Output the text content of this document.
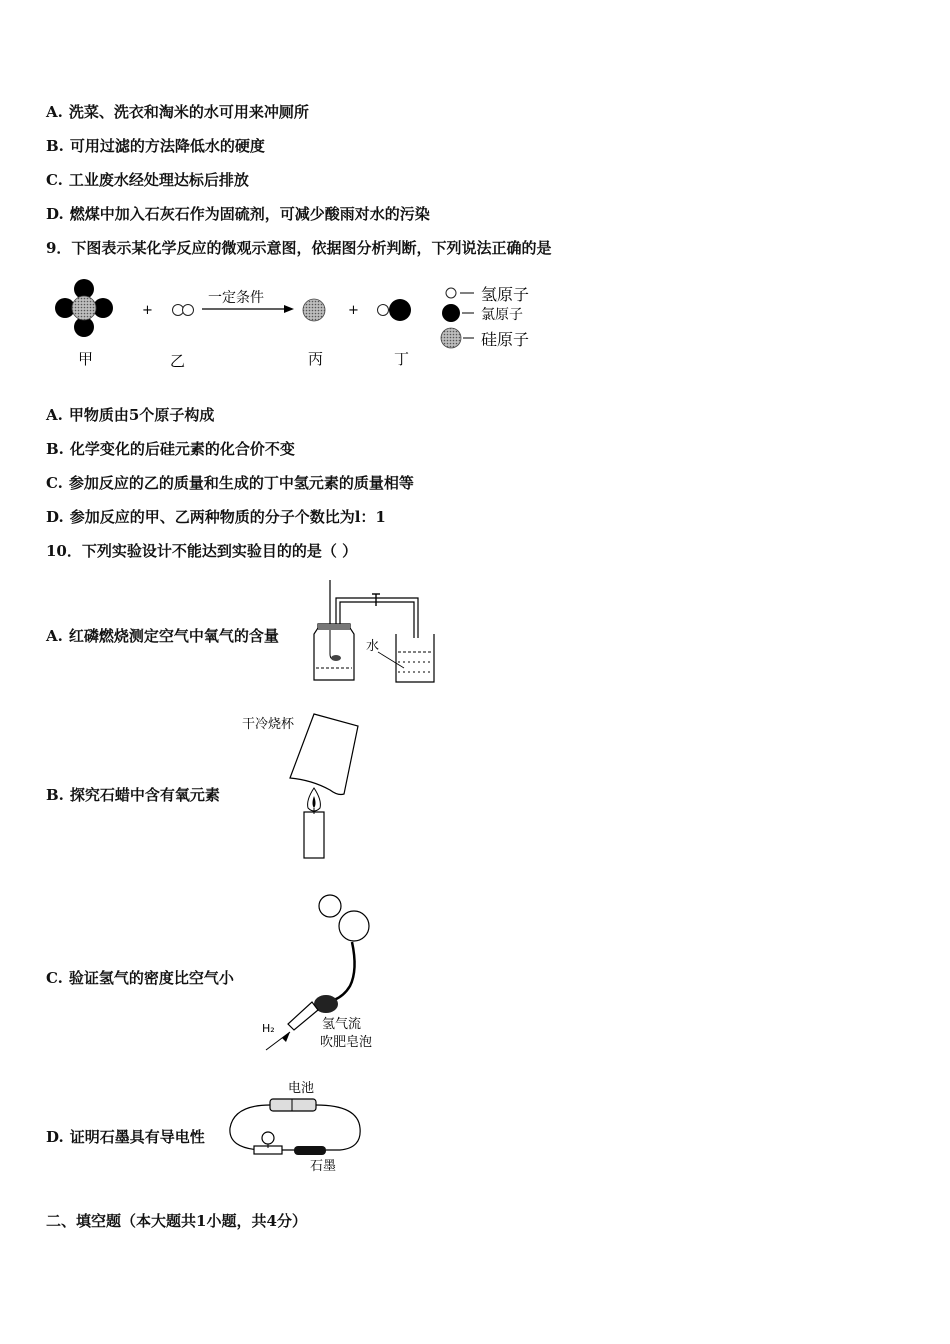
A. 洗菜、洗衣和淘米的水可用来冲厕所
B. 可用过滤的方法降低水的硬度
C. 工业废水经处理达标后排放
D. 燃煤中加入石灰石作为固硫剂，可减少酸雨对水的污染
9．下图表示某化学反应的微观示意图，依据图分析判断，下列说法正确的是
+
一定条件
+
甲	乙	丙	丁
氢原子
氯原子
硅原子
A. 甲物质由5个原子构成
B. 化学变化的后硅元素的化合价不变
C. 参加反应的乙的质量和生成的丁中氢元素的质量相等
D. 参加反应的甲、乙两种物质的分子个数比为l：1
10．下列实验设计不能达到实验目的的是（ ）
A. 红磷燃烧测定空气中氧气的含量
水
B. 探究石蜡中含有氧元素
干冷烧杯
C. 验证氢气的密度比空气小
H₂	氢气流
吹肥皂泡
D. 证明石墨具有导电性
电池
石墨
二、填空题（本大题共1小题，共4分）
